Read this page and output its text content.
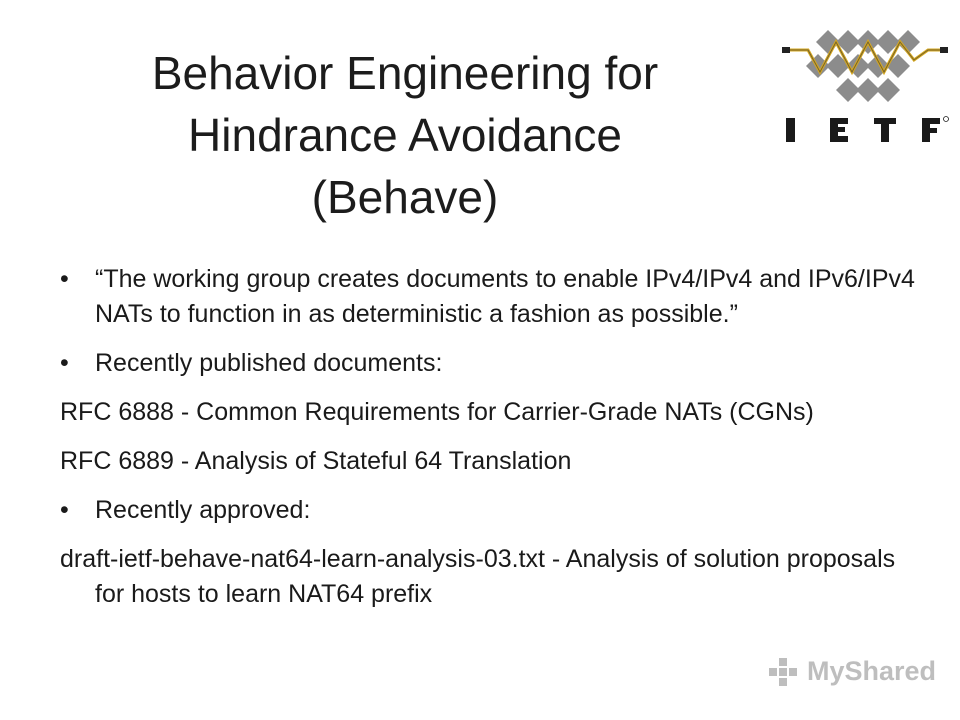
Behavior Engineering for
Hindrance Avoidance
(Behave)

• “The working group creates documents to enable IPv4/IPv4 and IPv6/IPv4 NATs to function in as deterministic a fashion as possible.”

• Recently published documents:

RFC 6888 - Common Requirements for Carrier-Grade NATs (CGNs)

RFC 6889 - Analysis of Stateful 64 Translation

• Recently approved:

draft-ietf-behave-nat64-learn-analysis-03.txt - Analysis of solution proposals for hosts to learn NAT64 prefix

MyShared
